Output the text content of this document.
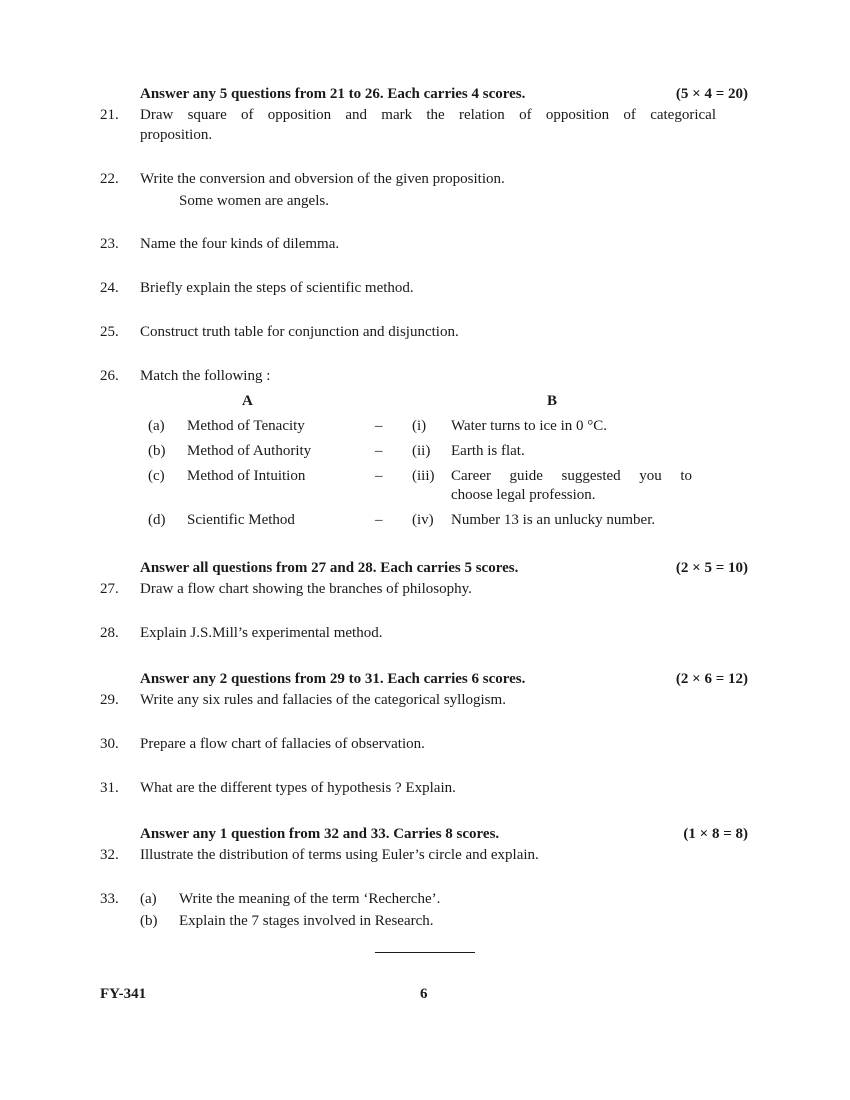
Answer any 5 questions from 21 to 26. Each carries 4 scores.	(5 × 4 = 20)
21. Draw square of opposition and mark the relation of opposition of categorical
proposition.
22. Write the conversion and obversion of the given proposition.
Some women are angels.
23. Name the four kinds of dilemma.
24. Briefly explain the steps of scientific method.
25. Construct truth table for conjunction and disjunction.
26. Match the following :
A	B
(a) Method of Tenacity	– (i) Water turns to ice in 0 °C.
(b) Method of Authority	– (ii) Earth is flat.
(c) Method of Intuition	– (iii) Career guide suggested you to
choose legal profession.
(d) Scientific Method	– (iv) Number 13 is an unlucky number.
Answer all questions from 27 and 28. Each carries 5 scores.	(2 × 5 = 10)
27. Draw a flow chart showing the branches of philosophy.
28. Explain J.S.Mill’s experimental method.
Answer any 2 questions from 29 to 31. Each carries 6 scores.	(2 × 6 = 12)
29. Write any six rules and fallacies of the categorical syllogism.
30. Prepare a flow chart of fallacies of observation.
31. What are the different types of hypothesis ? Explain.
Answer any 1 question from 32 and 33. Carries 8 scores.	(1 × 8 = 8)
32. Illustrate the distribution of terms using Euler’s circle and explain.
33. (a) Write the meaning of the term ‘Recherche’.
(b) Explain the 7 stages involved in Research.
FY-341	6
